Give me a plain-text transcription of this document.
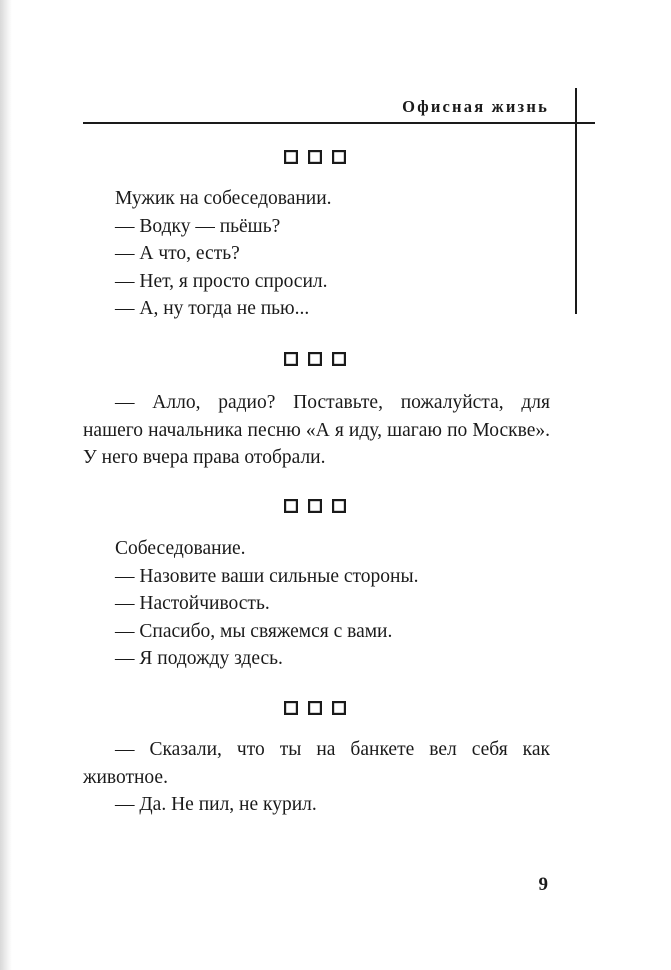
Офисная жизнь
Мужик на собеседовании.
— Водку — пьёшь?
— А что, есть?
— Нет, я просто спросил.
— А, ну тогда не пью...
— Алло, радио? Поставьте, пожалуйста, для нашего начальника песню «А я иду, шагаю по Москве». У него вчера права отобрали.
Собеседование.
— Назовите ваши сильные стороны.
— Настойчивость.
— Спасибо, мы свяжемся с вами.
— Я подожду здесь.
— Сказали, что ты на банкете вел себя как животное.
— Да. Не пил, не курил.
9
